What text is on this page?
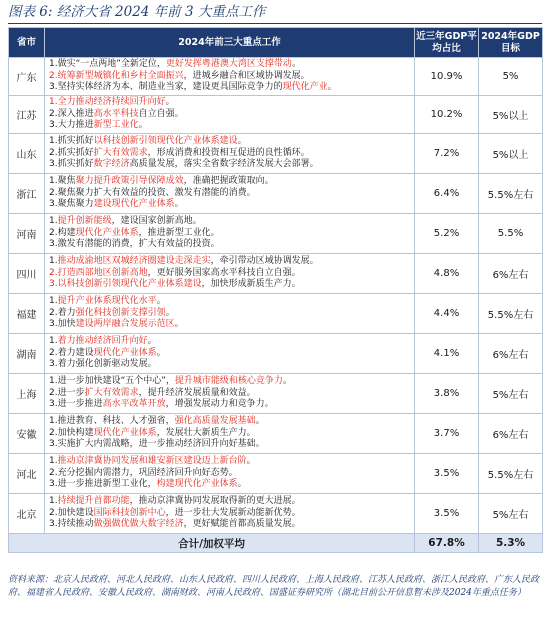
图表 6: 经济大省 2024 年前 3 大重点工作
省市	2024年前三大重点工作	近三年GDP平均占比	2024年GDP目标
广东	1.做实“一点两地”全新定位，更好发挥粤港澳大湾区支撑带动。
2.统筹新型城镇化和乡村全面振兴，进城乡融合和区域协调发展。
3.坚持实体经济为本、制造业当家，建设更具国际竞争力的现代化产业。	10.9%	5%
江苏	1.全力推动经济持续回升向好。
2.深入推进高水平科技自立自强。
3.大力推进新型工业化。	10.2%	5%以上
山东	1.抓实抓好以科技创新引领现代化产业体系建设。
2.抓实抓好扩大有效需求，形成消费和投资相互促进的良性循环。
3.抓实抓好数字经济高质量发展，落实全省数字经济发展大会部署。	7.2%	5%以上
浙江	1.聚焦聚力提升政策引导保障成效，准确把握政策取向。
2.聚焦聚力扩大有效益的投资、激发有潜能的消费。
3.聚焦聚力建设现代化产业体系。	6.4%	5.5%左右
河南	1.提升创新能级，建设国家创新高地。
2.构建现代化产业体系，推进新型工业化。
3.激发有潜能的消费，扩大有效益的投资。	5.2%	5.5%
四川	1.推动成渝地区双城经济圈建设走深走实，牵引带动区域协调发展。
2.打造西部地区创新高地，更好服务国家高水平科技自立自强。
3.以科技创新引领现代化产业体系建设，加快形成新质生产力。	4.8%	6%左右
福建	1.提升产业体系现代化水平。
2.着力强化科技创新支撑引领。
3.加快建设两岸融合发展示范区。	4.4%	5.5%左右
湖南	1.着力推动经济回升向好。
2.着力建设现代化产业体系。
3.着力强化创新驱动发展。	4.1%	6%左右
上海	1.进一步加快建设“五个中心”，提升城市能级和核心竞争力。
2.进一步扩大有效需求，提升经济发展质量和效益。
3.进一步推进高水平改革开放，增强发展动力和竞争力。	3.8%	5%左右
安徽	1.推进教育、科技、人才强省，强化高质量发展基础。
2.加快构建现代化产业体系，发展壮大新质生产力。
3.实施扩大内需战略，进一步推动经济回升向好基础。	3.7%	6%左右
河北	1.推动京津冀协同发展和雄安新区建设迈上新台阶。
2.充分挖掘内需潜力，巩固经济回升向好态势。
3.进一步推进新型工业化，构建现代化产业体系。	3.5%	5.5%左右
北京	1.持续提升首都功能，推动京津冀协同发展取得新的更大进展。
2.加快建设国际科技创新中心，进一步壮大发展新动能新优势。
3.持续推动做强做优做大数字经济，更好赋能首都高质量发展。	3.5%	5%左右
合计/加权平均		67.8%	5.3%
资料来源：北京人民政府、河北人民政府、山东人民政府、四川人民政府、上海人民政府、江苏人民政府、浙江人民政府、广东人民政府、福建省人民政府、安徽人民政府、湖南财政、河南人民政府、国盛证券研究所（湖北目前公开信息暂未涉及2024年重点任务）
